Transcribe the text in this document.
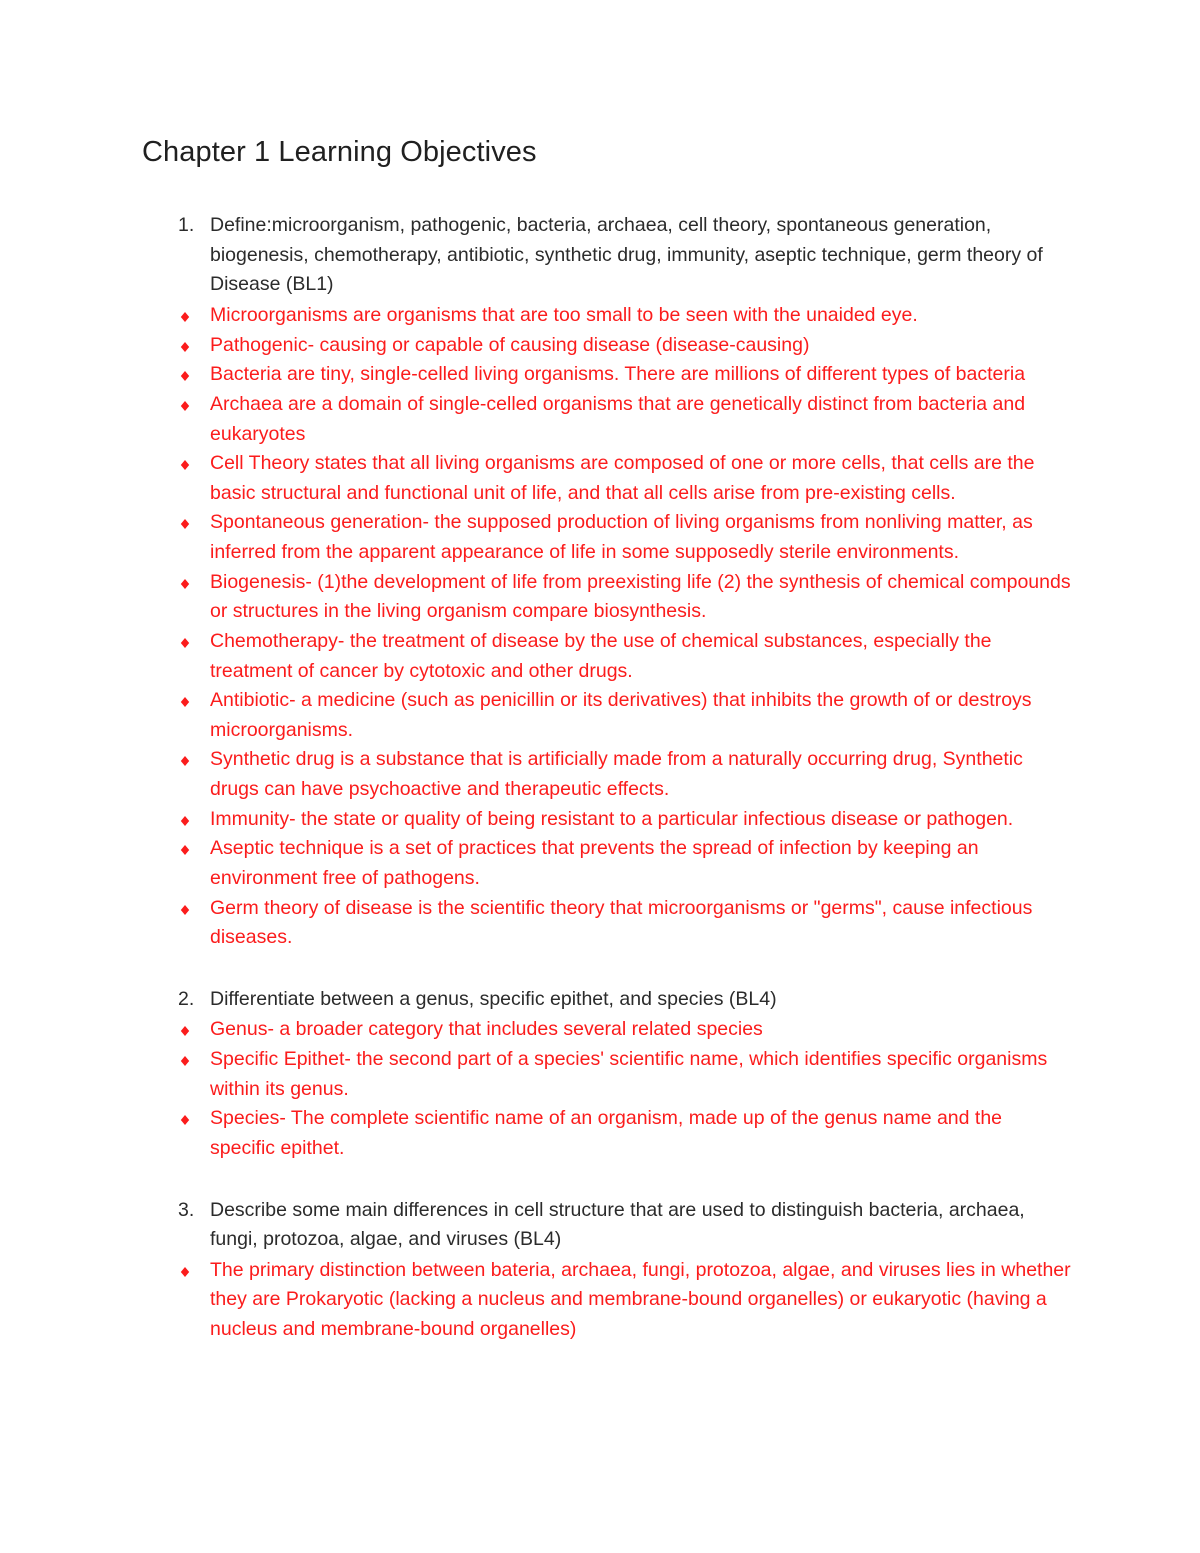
Chapter 1 Learning Objectives
1. Define:microorganism, pathogenic, bacteria, archaea, cell theory, spontaneous generation, biogenesis, chemotherapy, antibiotic, synthetic drug, immunity, aseptic technique, germ theory of Disease (BL1)
Microorganisms are organisms that are too small to be seen with the unaided eye.
Pathogenic- causing or capable of causing disease (disease-causing)
Bacteria are tiny, single-celled living organisms. There are millions of different types of bacteria
Archaea are a domain of single-celled organisms that are genetically distinct from bacteria and eukaryotes
Cell Theory states that all living organisms are composed of one or more cells, that cells are the basic structural and functional unit of life, and that all cells arise from pre-existing cells.
Spontaneous generation- the supposed production of living organisms from nonliving matter, as inferred from the apparent appearance of life in some supposedly sterile environments.
Biogenesis- (1)the development of life from preexisting life (2) the synthesis of chemical compounds or structures in the living organism compare biosynthesis.
Chemotherapy- the treatment of disease by the use of chemical substances, especially the treatment of cancer by cytotoxic and other drugs.
Antibiotic- a medicine (such as penicillin or its derivatives) that inhibits the growth of or destroys microorganisms.
Synthetic drug is a substance that is artificially made from a naturally occurring drug, Synthetic drugs can have psychoactive and therapeutic effects.
Immunity- the state or quality of being resistant to a particular infectious disease or pathogen.
Aseptic technique is a set of practices that prevents the spread of infection by keeping an environment free of pathogens.
Germ theory of disease is the scientific theory that microorganisms or "germs", cause infectious diseases.
2. Differentiate between a genus, specific epithet, and species (BL4)
Genus- a broader category that includes several related species
Specific Epithet- the second part of a species' scientific name, which identifies specific organisms within its genus.
Species- The complete scientific name of an organism, made up of the genus name and the specific epithet.
3. Describe some main differences in cell structure that are used to distinguish bacteria, archaea, fungi, protozoa, algae, and viruses (BL4)
The primary distinction between bateria, archaea, fungi, protozoa, algae, and viruses lies in whether they are Prokaryotic (lacking a nucleus and membrane-bound organelles) or eukaryotic (having a nucleus and membrane-bound organelles)
